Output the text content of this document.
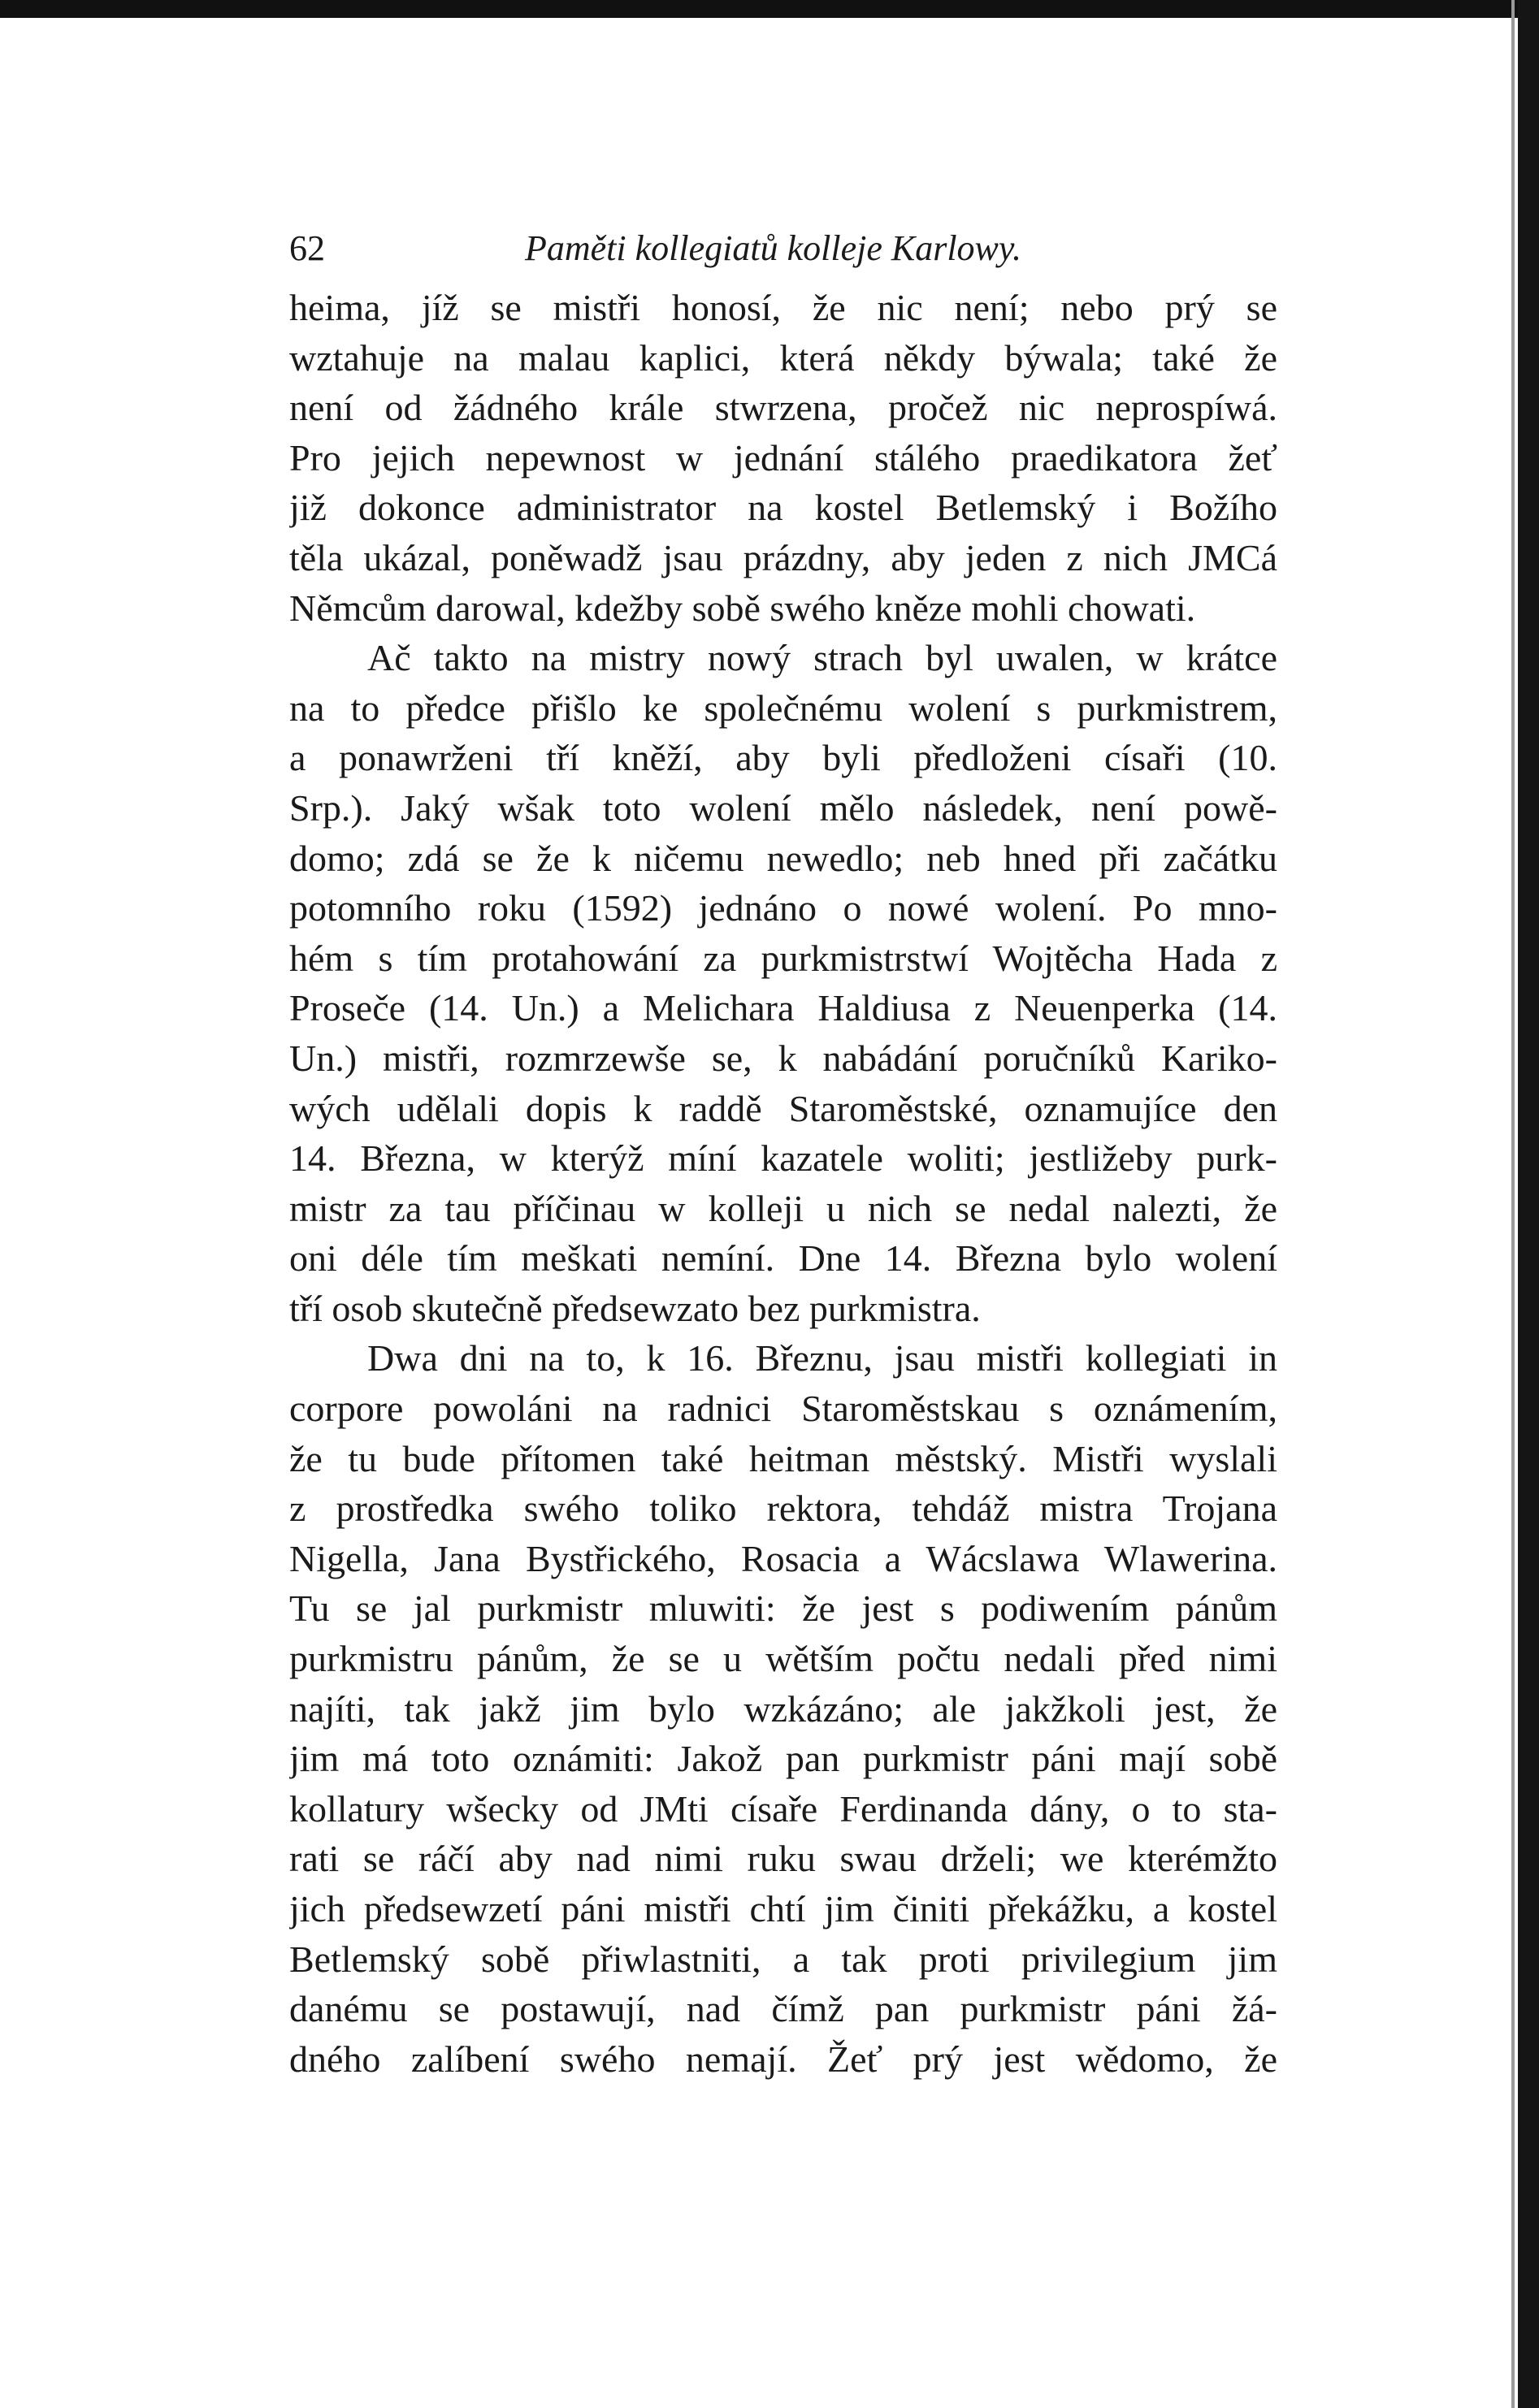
62	Paměti kollegiatů kolleje Karlowy.
heima, jíž se mistři honosí, že nic není; nebo prý se
wztahuje na malau kaplici, která někdy býwala; také že
není od žádného krále stwrzena, pročež nic neprospíwá.
Pro jejich nepewnost w jednání stálého praedikatora žeť
již dokonce administrator na kostel Betlemský i Božího
těla ukázal, poněwadž jsau prázdny, aby jeden z nich JMCá
Němcům darowal, kdežby sobě swého kněze mohli chowati.
Ač takto na mistry nowý strach byl uwalen, w krátce
na to předce přišlo ke společnému wolení s purkmistrem,
a ponawrženi tří kněží, aby byli předloženi císaři (10.
Srp.). Jaký wšak toto wolení mělo následek, není powě-
domo; zdá se že k ničemu newedlo; neb hned při začátku
potomního roku (1592) jednáno o nowé wolení. Po mno-
hém s tím protahowání za purkmistrstwí Wojtěcha Hada z
Proseče (14. Un.) a Melichara Haldiusa z Neuenperka (14.
Un.) mistři, rozmrzewše se, k nabádání poručníků Kariko-
wých udělali dopis k raddě Staroměstské, oznamujíce den
14. Března, w kterýž míní kazatele woliti; jestližeby purk-
mistr za tau příčinau w kolleji u nich se nedal nalezti, že
oni déle tím meškati nemíní. Dne 14. Března bylo wolení
tří osob skutečně předsewzato bez purkmistra.
Dwa dni na to, k 16. Březnu, jsau mistři kollegiati in
corpore powoláni na radnici Staroměstskau s oznámením,
že tu bude přítomen také heitman městský. Mistři wyslali
z prostředka swého toliko rektora, tehdáž mistra Trojana
Nigella, Jana Bystřického, Rosacia a Wácslawa Wlawerina.
Tu se jal purkmistr mluwiti: že jest s podiwením pánům
purkmistru pánům, že se u wětším počtu nedali před nimi
najíti, tak jakž jim bylo wzkázáno; ale jakžkoli jest, že
jim má toto oznámiti: Jakož pan purkmistr páni mají sobě
kollatury wšecky od JMti císaře Ferdinanda dány, o to sta-
rati se ráčí aby nad nimi ruku swau drželi; we kterémžto
jich předsewzetí páni mistři chtí jim činiti překážku, a kostel
Betlemský sobě přiwlastniti, a tak proti privilegium jim
danému se postawují, nad čímž pan purkmistr páni žá-
dného zalíbení swého nemají. Žeť prý jest wědomo, že
